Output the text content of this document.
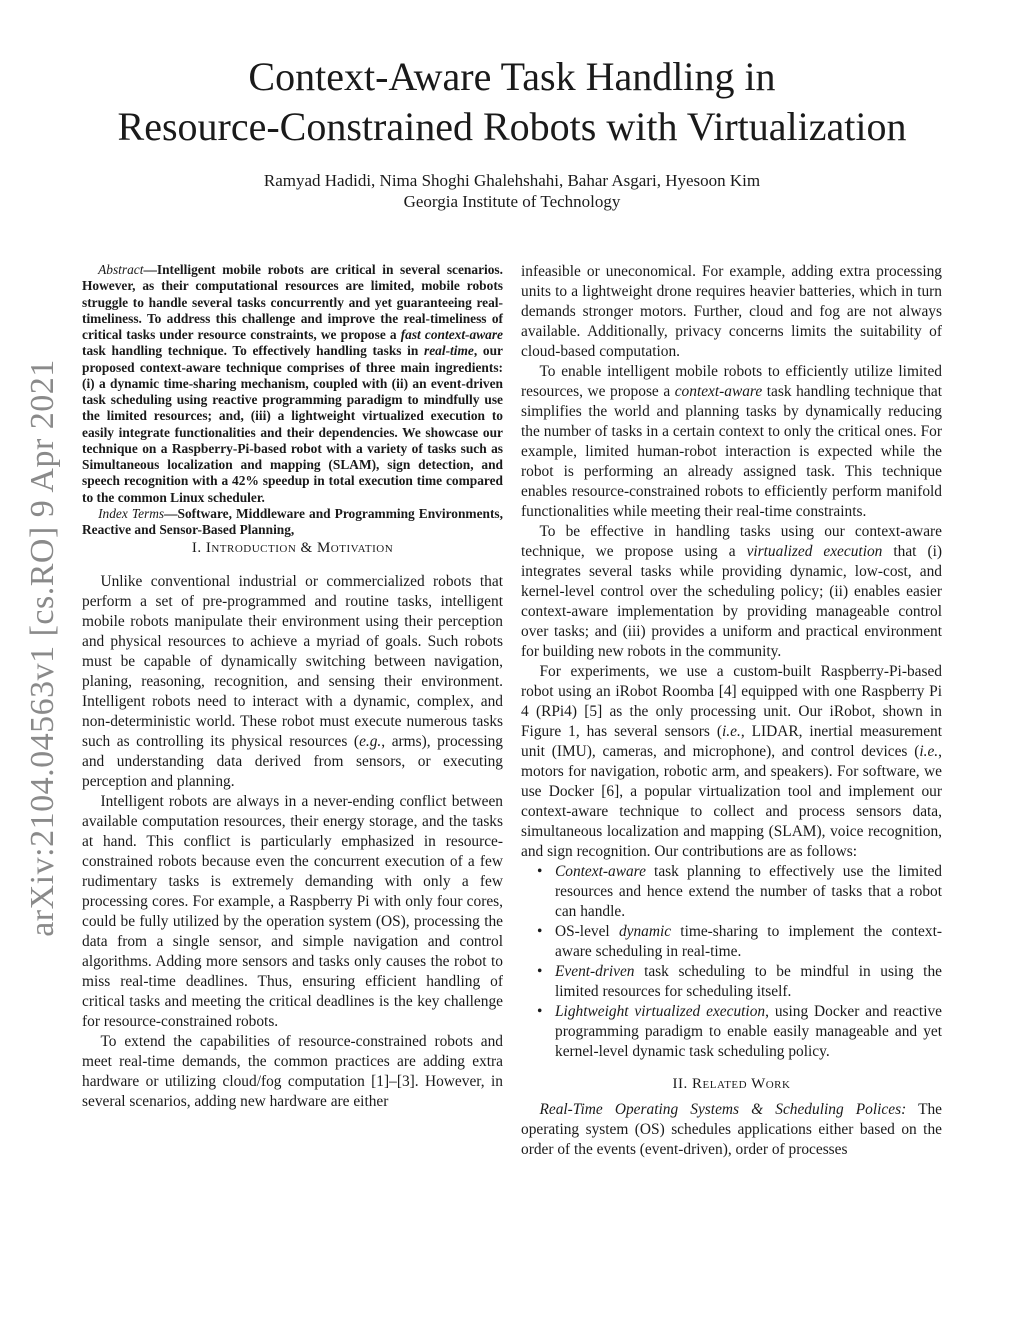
arXiv:2104.04563v1 [cs.RO] 9 Apr 2021
Context-Aware Task Handling in
Resource-Constrained Robots with Virtualization
Ramyad Hadidi, Nima Shoghi Ghalehshahi, Bahar Asgari, Hyesoon Kim
Georgia Institute of Technology

Abstract—Intelligent mobile robots are critical in several scenarios. However, as their computational resources are limited, mobile robots struggle to handle several tasks concurrently and yet guaranteeing real-timeliness. To address this challenge and improve the real-timeliness of critical tasks under resource constraints, we propose a fast context-aware task handling technique. To effectively handling tasks in real-time, our proposed context-aware technique comprises of three main ingredients: (i) a dynamic time-sharing mechanism, coupled with (ii) an event-driven task scheduling using reactive programming paradigm to mindfully use the limited resources; and, (iii) a lightweight virtualized execution to easily integrate functionalities and their dependencies. We showcase our technique on a Raspberry-Pi-based robot with a variety of tasks such as Simultaneous localization and mapping (SLAM), sign detection, and speech recognition with a 42% speedup in total execution time compared to the common Linux scheduler.

Index Terms—Software, Middleware and Programming Environments, Reactive and Sensor-Based Planning,

I. Introduction & Motivation

Unlike conventional industrial or commercialized robots that perform a set of pre-programmed and routine tasks, intelligent mobile robots manipulate their environment using their perception and physical resources to achieve a myriad of goals. Such robots must be capable of dynamically switching between navigation, planing, reasoning, recognition, and sensing their environment. Intelligent robots need to interact with a dynamic, complex, and non-deterministic world. These robot must execute numerous tasks such as controlling its physical resources (e.g., arms), processing and understanding data derived from sensors, or executing perception and planning.

Intelligent robots are always in a never-ending conflict between available computation resources, their energy storage, and the tasks at hand. This conflict is particularly emphasized in resource-constrained robots because even the concurrent execution of a few rudimentary tasks is extremely demanding with only a few processing cores. For example, a Raspberry Pi with only four cores, could be fully utilized by the operation system (OS), processing the data from a single sensor, and simple navigation and control algorithms. Adding more sensors and tasks only causes the robot to miss real-time deadlines. Thus, ensuring efficient handling of critical tasks and meeting the critical deadlines is the key challenge for resource-constrained robots.

To extend the capabilities of resource-constrained robots and meet real-time demands, the common practices are adding extra hardware or utilizing cloud/fog computation [1]–[3]. However, in several scenarios, adding new hardware are either

infeasible or uneconomical. For example, adding extra processing units to a lightweight drone requires heavier batteries, which in turn demands stronger motors. Further, cloud and fog are not always available. Additionally, privacy concerns limits the suitability of cloud-based computation.

To enable intelligent mobile robots to efficiently utilize limited resources, we propose a context-aware task handling technique that simplifies the world and planning tasks by dynamically reducing the number of tasks in a certain context to only the critical ones. For example, limited human-robot interaction is expected while the robot is performing an already assigned task. This technique enables resource-constrained robots to efficiently perform manifold functionalities while meeting their real-time constraints.

To be effective in handling tasks using our context-aware technique, we propose using a virtualized execution that (i) integrates several tasks while providing dynamic, low-cost, and kernel-level control over the scheduling policy; (ii) enables easier context-aware implementation by providing manageable control over tasks; and (iii) provides a uniform and practical environment for building new robots in the community.

For experiments, we use a custom-built Raspberry-Pi-based robot using an iRobot Roomba [4] equipped with one Raspberry Pi 4 (RPi4) [5] as the only processing unit. Our iRobot, shown in Figure 1, has several sensors (i.e., LIDAR, inertial measurement unit (IMU), cameras, and microphone), and control devices (i.e., motors for navigation, robotic arm, and speakers). For software, we use Docker [6], a popular virtualization tool and implement our context-aware technique to collect and process sensors data, simultaneous localization and mapping (SLAM), voice recognition, and sign recognition. Our contributions are as follows:

• Context-aware task planning to effectively use the limited resources and hence extend the number of tasks that a robot can handle.
• OS-level dynamic time-sharing to implement the context-aware scheduling in real-time.
• Event-driven task scheduling to be mindful in using the limited resources for scheduling itself.
• Lightweight virtualized execution, using Docker and reactive programming paradigm to enable easily manageable and yet kernel-level dynamic task scheduling policy.
II. Related Work

Real-Time Operating Systems & Scheduling Polices: The operating system (OS) schedules applications either based on the order of the events (event-driven), order of processes
